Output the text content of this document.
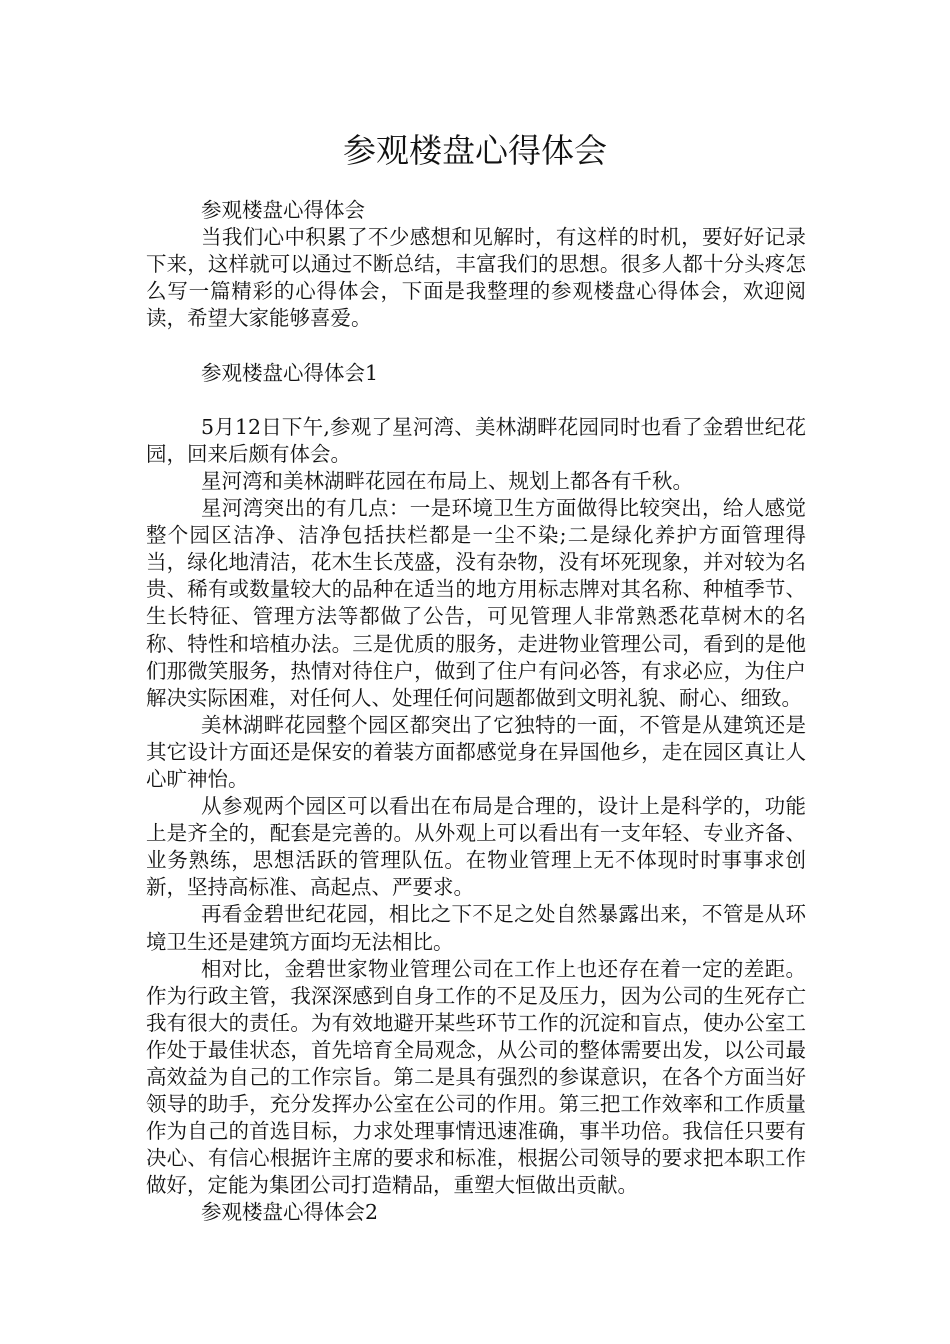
参观楼盘心得体会

参观楼盘心得体会

当我们心中积累了不少感想和见解时，有这样的时机，要好好记录下来，这样就可以通过不断总结，丰富我们的思想。很多人都十分头疼怎么写一篇精彩的心得体会，下面是我整理的参观楼盘心得体会，欢迎阅读，希望大家能够喜爱。

参观楼盘心得体会1

5月12日下午,参观了星河湾、美林湖畔花园同时也看了金碧世纪花园，回来后颇有体会。

星河湾和美林湖畔花园在布局上、规划上都各有千秋。

星河湾突出的有几点：一是环境卫生方面做得比较突出，给人感觉整个园区洁净、洁净包括扶栏都是一尘不染;二是绿化养护方面管理得当，绿化地清洁，花木生长茂盛，没有杂物，没有坏死现象，并对较为名贵、稀有或数量较大的品种在适当的地方用标志牌对其名称、种植季节、生长特征、管理方法等都做了公告，可见管理人非常熟悉花草树木的名称、特性和培植办法。三是优质的服务，走进物业管理公司，看到的是他们那微笑服务，热情对待住户，做到了住户有问必答，有求必应，为住户解决实际困难，对任何人、处理任何问题都做到文明礼貌、耐心、细致。

美林湖畔花园整个园区都突出了它独特的一面，不管是从建筑还是其它设计方面还是保安的着装方面都感觉身在异国他乡，走在园区真让人心旷神怡。

从参观两个园区可以看出在布局是合理的，设计上是科学的，功能上是齐全的，配套是完善的。从外观上可以看出有一支年轻、专业齐备、业务熟练，思想活跃的管理队伍。在物业管理上无不体现时时事事求创新，坚持高标准、高起点、严要求。

再看金碧世纪花园，相比之下不足之处自然暴露出来，不管是从环境卫生还是建筑方面均无法相比。

相对比，金碧世家物业管理公司在工作上也还存在着一定的差距。作为行政主管，我深深感到自身工作的不足及压力，因为公司的生死存亡我有很大的责任。为有效地避开某些环节工作的沉淀和盲点，使办公室工作处于最佳状态，首先培育全局观念，从公司的整体需要出发，以公司最高效益为自己的工作宗旨。第二是具有强烈的参谋意识，在各个方面当好领导的助手，充分发挥办公室在公司的作用。第三把工作效率和工作质量作为自己的首选目标，力求处理事情迅速准确，事半功倍。我信任只要有决心、有信心根据许主席的要求和标准，根据公司领导的要求把本职工作做好，定能为集团公司打造精品，重塑大恒做出贡献。

参观楼盘心得体会2
